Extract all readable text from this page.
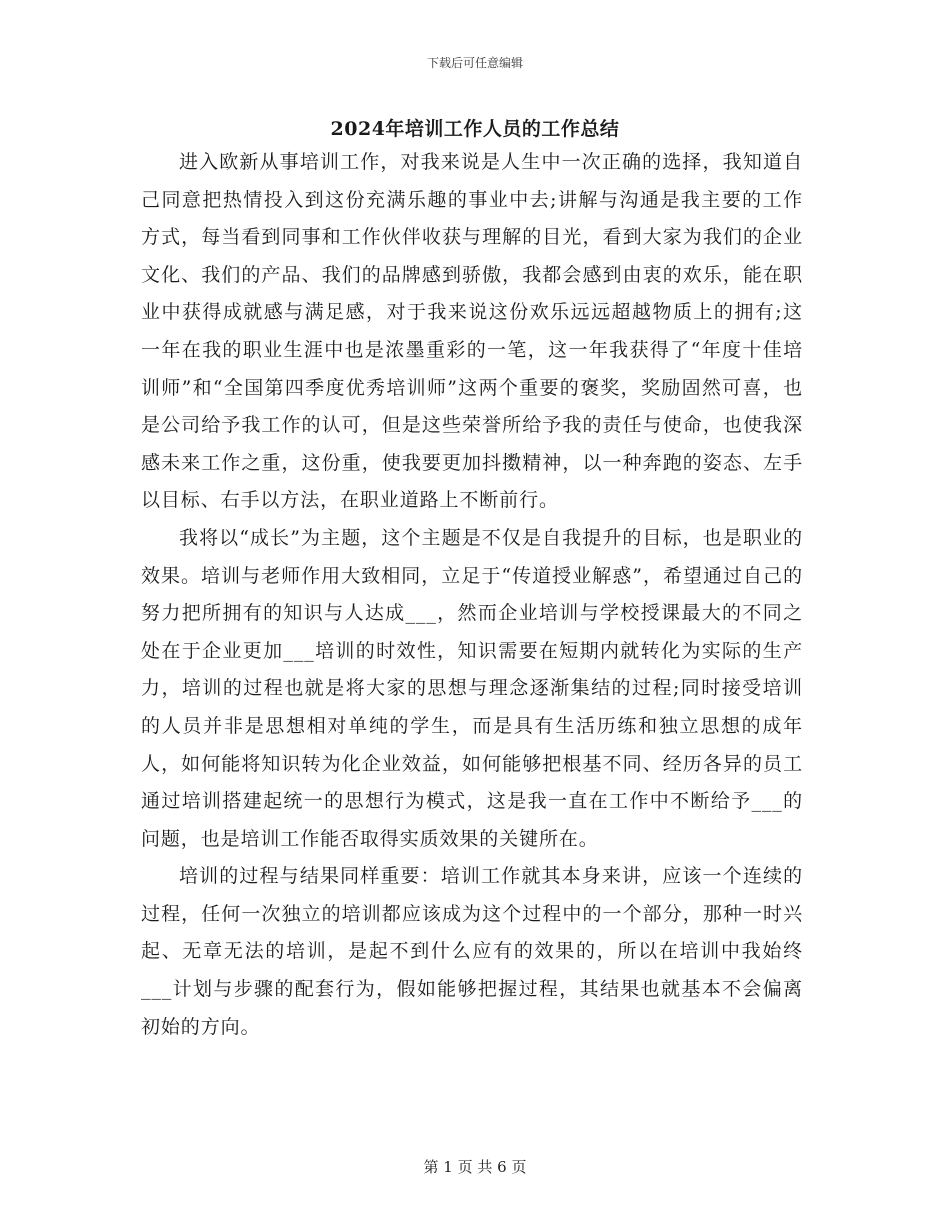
下载后可任意编辑
2024年培训工作人员的工作总结

进入欧新从事培训工作，对我来说是人生中一次正确的选择，我知道自己同意把热情投入到这份充满乐趣的事业中去;讲解与沟通是我主要的工作方式，每当看到同事和工作伙伴收获与理解的目光，看到大家为我们的企业文化、我们的产品、我们的品牌感到骄傲，我都会感到由衷的欢乐，能在职业中获得成就感与满足感，对于我来说这份欢乐远远超越物质上的拥有;这一年在我的职业生涯中也是浓墨重彩的一笔，这一年我获得了“年度十佳培训师”和“全国第四季度优秀培训师”这两个重要的褒奖，奖励固然可喜，也是公司给予我工作的认可，但是这些荣誉所给予我的责任与使命，也使我深感未来工作之重，这份重，使我要更加抖擞精神，以一种奔跑的姿态、左手以目标、右手以方法，在职业道路上不断前行。

我将以“成长”为主题，这个主题是不仅是自我提升的目标，也是职业的效果。培训与老师作用大致相同，立足于“传道授业解惑”，希望通过自己的努力把所拥有的知识与人达成___，然而企业培训与学校授课最大的不同之处在于企业更加___培训的时效性，知识需要在短期内就转化为实际的生产力，培训的过程也就是将大家的思想与理念逐渐集结的过程;同时接受培训的人员并非是思想相对单纯的学生，而是具有生活历练和独立思想的成年人，如何能将知识转为化企业效益，如何能够把根基不同、经历各异的员工通过培训搭建起统一的思想行为模式，这是我一直在工作中不断给予___的问题，也是培训工作能否取得实质效果的关键所在。

培训的过程与结果同样重要：培训工作就其本身来讲，应该一个连续的过程，任何一次独立的培训都应该成为这个过程中的一个部分，那种一时兴起、无章无法的培训，是起不到什么应有的效果的，所以在培训中我始终___计划与步骤的配套行为，假如能够把握过程，其结果也就基本不会偏离初始的方向。

第 1 页 共 6 页
